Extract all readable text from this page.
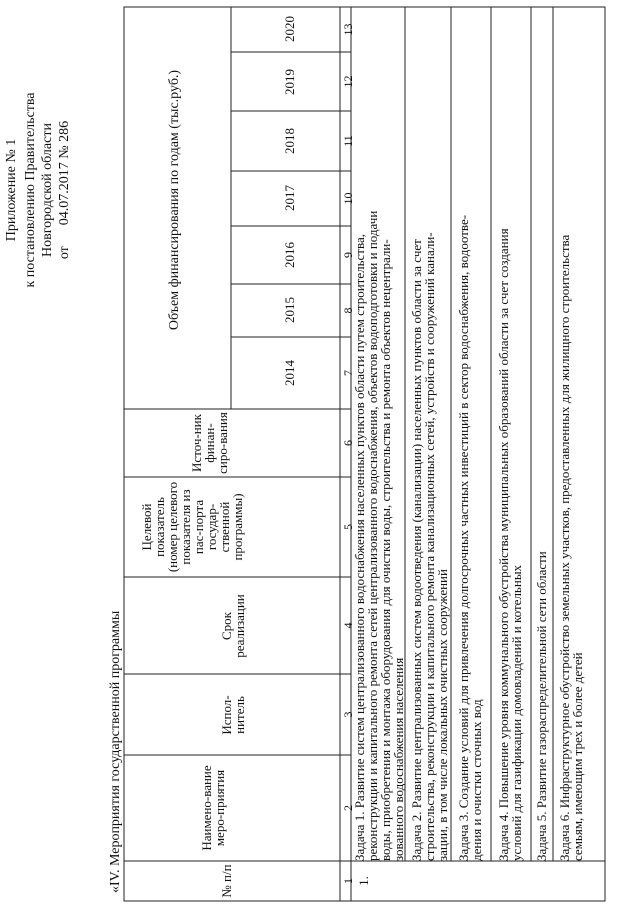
Приложение № 1 к постановлению Правительства Новгородской области от  04.07.2017 № 286
«IV. Мероприятия государственной программы	№ п/п
Наимено-вание меро-приятия
Испол-нитель
Срок реализации
Целевой показатель (номер целевого показателя из пас-порта государ-ственной программы)
Источ-ник финан-сиро-вания
Объем финансирования по годам (тыс.руб.)
2014
2015
2016
2017
2018
2019
2020
1
2
3
4
5
6
7
8
9
10
11
12
13
1.
Задача 1. Развитие систем централизованного водоснабжения населенных пунктов области путем строительства,
реконструкции и капитального ремонта сетей централизованного водоснабжения, объектов водоподготовки и подачи
воды, приобретения и монтажа оборудования для очистки воды, строительства и ремонта объектов нецентрали-
зованного водоснабжения населения Задача 2. Развитие централизованных систем водоотведения (канализации) населенных пунктов области за счет
строительства, реконструкции и капитального ремонта канализационных сетей, устройств и сооружений канали-
зации, в том числе локальных очистных сооружений Задача 3. Создание условий для привлечения долгосрочных частных инвестиций в сектор водоснабжения, водоотве-
дения и очистки сточных вод Задача 4. Повышение уровня коммунального обустройства муниципальных образований области за счет создания
условий для газификации домовладений и котельных Задача 5. Развитие газораспределительной сети области Задача 6. Инфраструктурное обустройство земельных участков, предоставленных для жилищного строительства
семьям, имеющим трех и более детей
